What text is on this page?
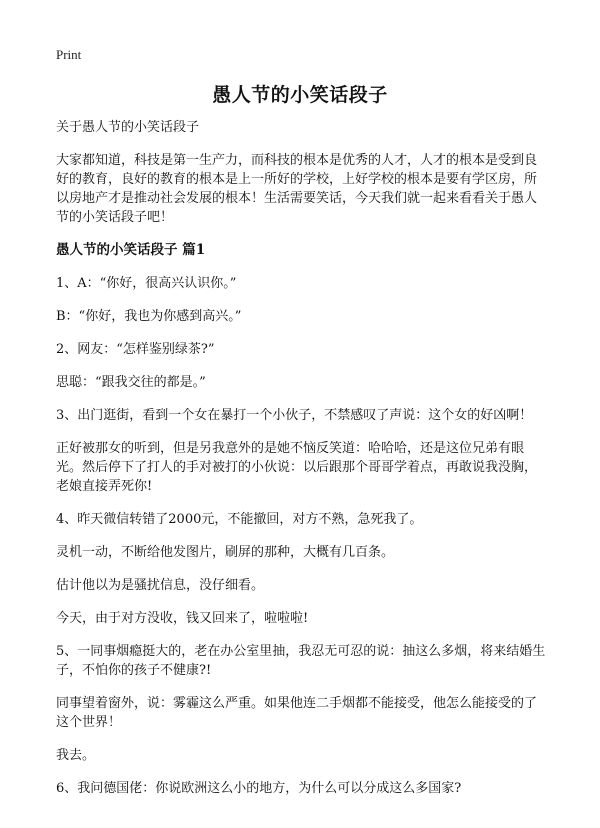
Print
愚人节的小笑话段子
关于愚人节的小笑话段子
大家都知道，科技是第一生产力，而科技的根本是优秀的人才，人才的根本是受到良好的教育，良好的教育的根本是上一所好的学校，上好学校的根本是要有学区房，所以房地产才是推动社会发展的根本！生活需要笑话，今天我们就一起来看看关于愚人节的小笑话段子吧！
愚人节的小笑话段子 篇1
1、A：“你好，很高兴认识你。”
B：“你好，我也为你感到高兴。”
2、网友：“怎样鉴别绿茶?”
思聪：“跟我交往的都是。”
3、出门逛街，看到一个女在暴打一个小伙子，不禁感叹了声说：这个女的好凶啊！
正好被那女的听到，但是另我意外的是她不恼反笑道：哈哈哈，还是这位兄弟有眼光。然后停下了打人的手对被打的小伙说：以后跟那个哥哥学着点，再敢说我没胸，老娘直接弄死你!
4、昨天微信转错了2000元，不能撤回，对方不熟，急死我了。
灵机一动，不断给他发图片，刷屏的那种，大概有几百条。
估计他以为是骚扰信息，没仔细看。
今天，由于对方没收，钱又回来了，啦啦啦!
5、一同事烟瘾挺大的，老在办公室里抽，我忍无可忍的说：抽这么多烟，将来结婚生子，不怕你的孩子不健康?!
同事望着窗外，说：雾霾这么严重。如果他连二手烟都不能接受，他怎么能接受的了这个世界！
我去。
6、我问德国佬：你说欧洲这么小的地方，为什么可以分成这么多国家?
